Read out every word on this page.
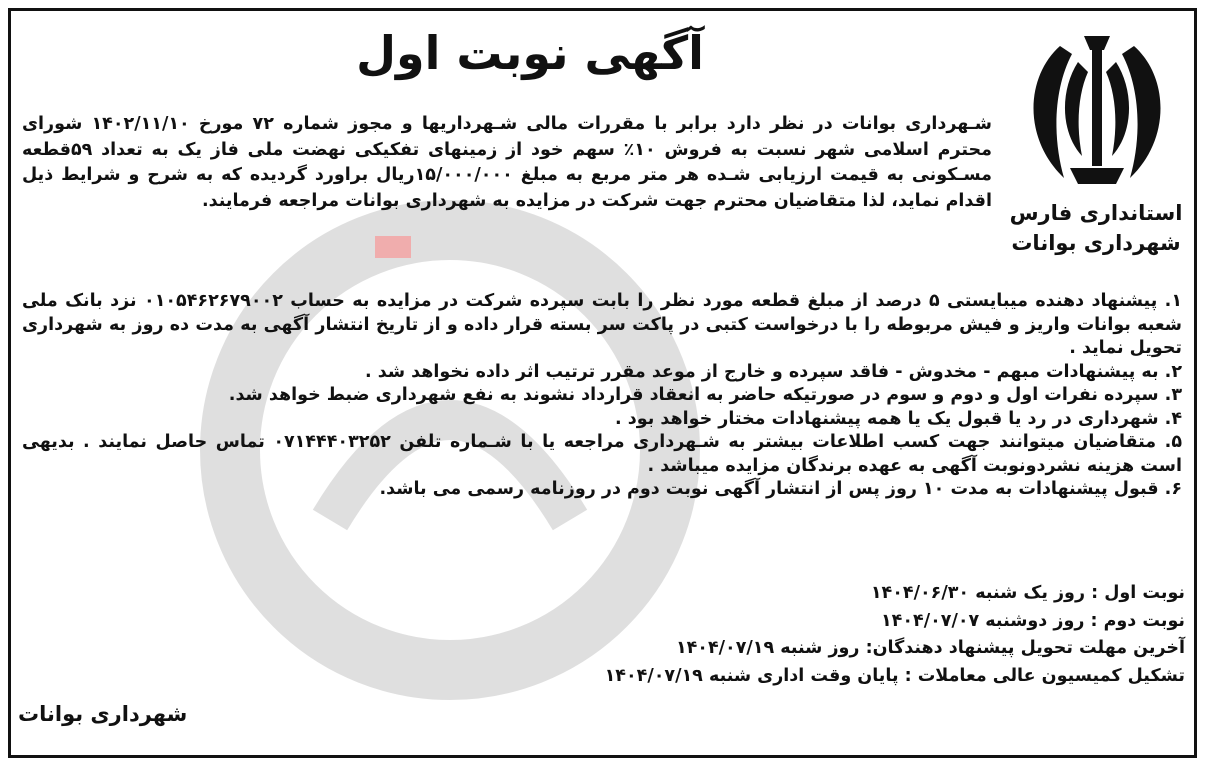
استانداری فارس
شهرداری بوانات
آگهی نوبت اول
شـهرداری بوانات در نظر دارد برابر با مقررات مالی شـهرداریها و مجوز شماره ۷۲ مورخ ۱۴۰۲/۱۱/۱۰ شورای محترم اسلامی شهر نسبت به فروش ۱۰٪ سهم خود از زمینهای تفکیکی نهضت ملی فاز یک به تعداد ۵۹قطعه مسـکونی به قیمت ارزیابی شـده هر متر مربع به مبلغ ۱۵/۰۰۰/۰۰۰ریال براورد گردیده که به شرح و شرایط ذیل اقدام نماید، لذا متقاضیان محترم جهت شرکت در مزایده به شهرداری بوانات مراجعه فرمایند.

۱. پیشنهاد دهنده میبایستی ۵ درصد از مبلغ قطعه مورد نظر را بابت سپرده شرکت در مزایده به حساب ۰۱۰۵۴۶۲۶۷۹۰۰۲ نزد بانک ملی شعبه بوانات واریز و فیش مربوطه را با درخواست کتبی در پاکت سر بسته قرار داده و از تاریخ انتشار آگهی به مدت ده روز به شهرداری تحویل نماید .

۲. به پیشنهادات مبهم - مخدوش - فاقد سپرده و خارج از موعد مقرر ترتیب اثر داده نخواهد شد .

۳. سپرده نفرات اول و دوم و سوم در صورتیکه حاضر به انعقاد قرارداد نشوند به نفع شهرداری ضبط خواهد شد.

۴. شهرداری در رد یا قبول یک یا همه پیشنهادات مختار خواهد بود .

۵. متقاضیان میتوانند جهت کسب اطلاعات بیشتر به شـهرداری مراجعه یا با شـماره تلفن ۰۷۱۴۴۴۰۳۲۵۲ تماس حاصل نمایند . بدیهی است هزینه نشردونوبت آگهی به عهده برندگان مزایده میباشد .

۶. قبول پیشنهادات به مدت ۱۰ روز پس از انتشار آگهی نوبت دوم در روزنامه رسمی می باشد.

نوبت اول : روز یک شنبه ۱۴۰۴/۰۶/۳۰

نوبت دوم : روز دوشنبه ۱۴۰۴/۰۷/۰۷

آخرین مهلت تحویل پیشنهاد دهندگان: روز شنبه ۱۴۰۴/۰۷/۱۹

تشکیل کمیسیون عالی معاملات : پایان وقت اداری شنبه ۱۴۰۴/۰۷/۱۹

شهرداری بوانات
